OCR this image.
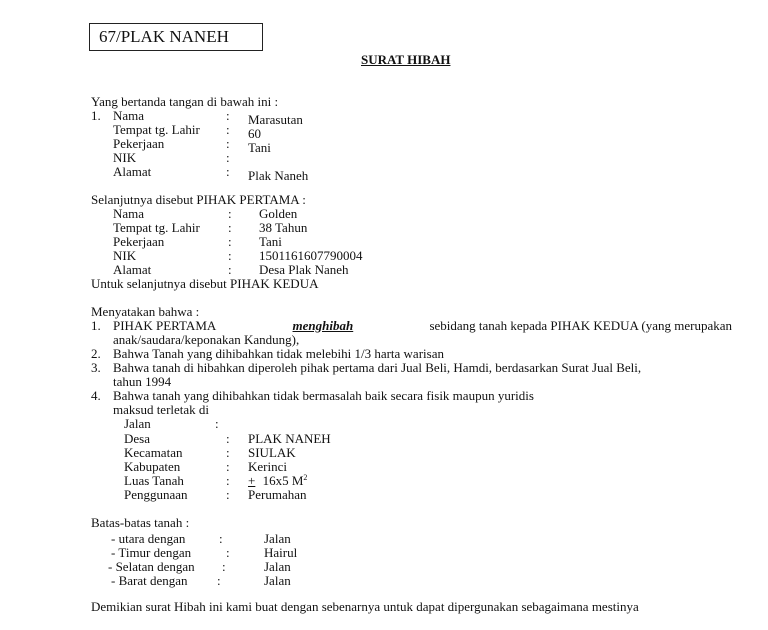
67/PLAK NANEH
SURAT HIBAH
Yang bertanda tangan di bawah ini :
1. Nama	: Marasutan
Tempat tg. Lahir : 60
Pekerjaan	: Tani
NIK	:
Alamat	: Plak Naneh
Selanjutnya disebut PIHAK PERTAMA :
Nama	: Golden
Tempat tg. Lahir : 38 Tahun
Pekerjaan	: Tani
NIK	: 1501161607790004
Alamat	: Desa Plak Naneh
Untuk selanjutnya disebut PIHAK KEDUA
Menyatakan bahwa :
1. PIHAK PERTAMA	menghibah	sebidang tanah kepada PIHAK KEDUA (yang merupakan
anak/saudara/keponakan Kandung),
2. Bahwa Tanah yang dihibahkan tidak melebihi 1/3 harta warisan
3. Bahwa tanah di hibahkan diperoleh pihak pertama dari Jual Beli, Hamdi, berdasarkan Surat Jual Beli,
tahun 1994
4. Bahwa tanah yang dihibahkan tidak bermasalah baik secara fisik maupun yuridis
maksud terletak di
Jalan	:
Desa	: PLAK NANEH
Kecamatan	: SIULAK
Kabupaten	: Kerinci
Luas Tanah	: + 16x5 $M^2$
Penggunaan	: Perumahan
Batas-batas tanah :
- utara dengan	:	Jalan
- Timur dengan	:	Hairul
- Selatan dengan :	Jalan
- Barat dengan :	Jalan
Demikian surat Hibah ini kami buat dengan sebenarnya untuk dapat dipergunakan sebagaimana mestinya
